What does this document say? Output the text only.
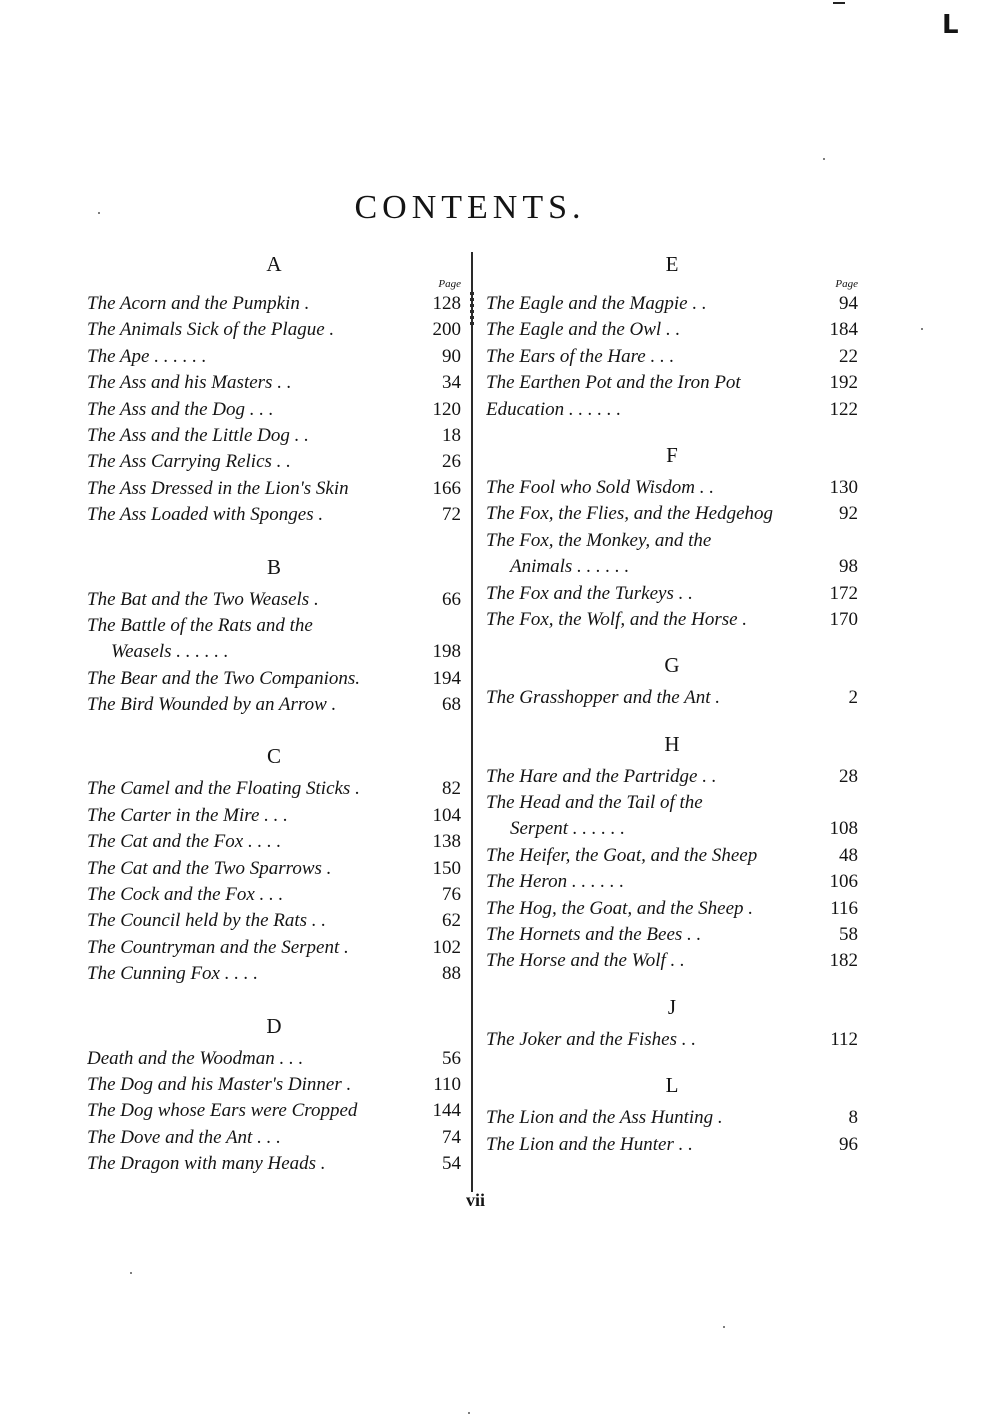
L
CONTENTS.
A
Page
The Acorn and the Pumpkin .	128
The Animals Sick of the Plague .	200
The Ape . . . . . .	90
The Ass and his Masters . .	34
The Ass and the Dog . . .	120
The Ass and the Little Dog . .	18
The Ass Carrying Relics . .	26
The Ass Dressed in the Lion's Skin	166
The Ass Loaded with Sponges .	72
B
The Bat and the Two Weasels .	66
The Battle of the Rats and the
Weasels . . . . . .	198
The Bear and the Two Companions.	194
The Bird Wounded by an Arrow .	68
C
The Camel and the Floating Sticks .	82
The Carter in the Mire . . .	104
The Cat and the Fox . . . .	138
The Cat and the Two Sparrows .	150
The Cock and the Fox . . .	76
The Council held by the Rats . .	62
The Countryman and the Serpent .	102
The Cunning Fox . . . .	88
D
Death and the Woodman . . .	56
The Dog and his Master's Dinner .	110
The Dog whose Ears were Cropped	144
The Dove and the Ant . . .	74
The Dragon with many Heads .	54
E
Page
The Eagle and the Magpie . .	94
The Eagle and the Owl . .	184
The Ears of the Hare . . .	22
The Earthen Pot and the Iron Pot	192
Education . . . . . .	122
F
The Fool who Sold Wisdom . .	130
The Fox, the Flies, and the Hedgehog	92
The Fox, the Monkey, and the
Animals . . . . . .	98
The Fox and the Turkeys . .	172
The Fox, the Wolf, and the Horse .	170
G
The Grasshopper and the Ant .	2
H
The Hare and the Partridge . .	28
The Head and the Tail of the
Serpent . . . . . .	108
The Heifer, the Goat, and the Sheep	48
The Heron . . . . . .	106
The Hog, the Goat, and the Sheep .	116
The Hornets and the Bees . .	58
The Horse and the Wolf . .	182
J
The Joker and the Fishes . .	112
L
The Lion and the Ass Hunting .	8
The Lion and the Hunter . .	96
vii
